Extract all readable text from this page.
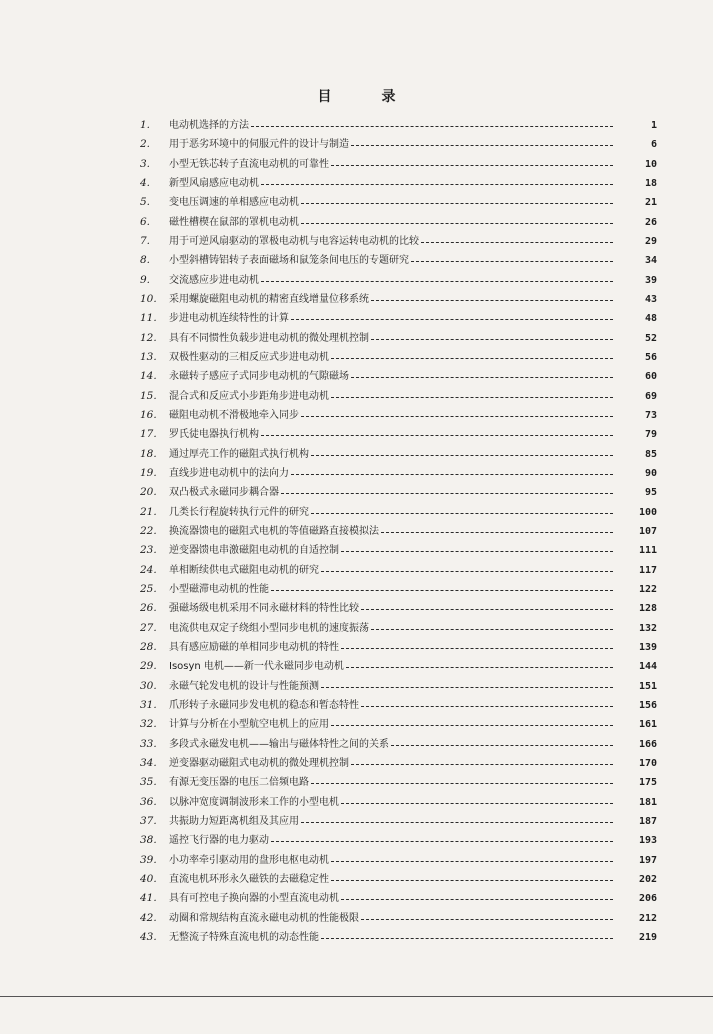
目	录
1.	电动机选择的方法	1
2.	用于恶劣环境中的伺服元件的设计与制造	6
3.	小型无铁芯转子直流电动机的可靠性	10
4.	新型风扇感应电动机	18
5.	变电压调速的单相感应电动机	21
6.	磁性槽楔在鼠部的罩机电动机	26
7.	用于可逆风扇驱动的罩极电动机与电容运转电动机的比较	29
8.	小型斜槽铸铝转子表面磁场和鼠笼条间电压的专题研究	34
9.	交流感应步进电动机	39
10.	采用螺旋磁阻电动机的精密直线增量位移系统	43
11.	步进电动机连续特性的计算	48
12.	具有不同惯性负载步进电动机的微处理机控制	52
13.	双极性驱动的三相反应式步进电动机	56
14.	永磁转子感应子式同步电动机的气隙磁场	60
15.	混合式和反应式小步距角步进电动机	69
16.	磁阻电动机不滑极地牵入同步	73
17.	罗氏徒电器执行机构	79
18.	通过厚壳工作的磁阻式执行机构	85
19.	直线步进电动机中的法向力	90
20.	双凸极式永磁同步耦合器	95
21.	几类长行程旋转执行元件的研究	100
22.	换流器馈电的磁阻式电机的等值磁路直接模拟法	107
23.	逆变器馈电串激磁阻电动机的自适控制	111
24.	单相断续供电式磁阻电动机的研究	117
25.	小型磁滞电动机的性能	122
26.	强磁场级电机采用不同永磁材料的特性比较	128
27.	电流供电双定子绕组小型同步电机的速度振荡	132
28.	具有感应励磁的单相同步电动机的特性	139
29.	Isosyn 电机——新一代永磁同步电动机	144
30.	永磁气轮发电机的设计与性能预测	151
31.	爪形转子永磁同步发电机的稳态和暂态特性	156
32.	计算与分析在小型航空电机上的应用	161
33.	多段式永磁发电机——输出与磁体特性之间的关系	166
34.	逆变器驱动磁阻式电动机的微处理机控制	170
35.	有源无变压器的电压二倍频电路	175
36.	以脉冲宽度调制波形来工作的小型电机	181
37.	共振助力短距离机组及其应用	187
38.	遥控飞行器的电力驱动	193
39.	小功率牵引驱动用的盘形电枢电动机	197
40.	直流电机环形永久磁铁的去磁稳定性	202
41.	具有可控电子换向器的小型直流电动机	206
42.	动圈和常规结构直流永磁电动机的性能极限	212
43.	无整流子特殊直流电机的动态性能	219
